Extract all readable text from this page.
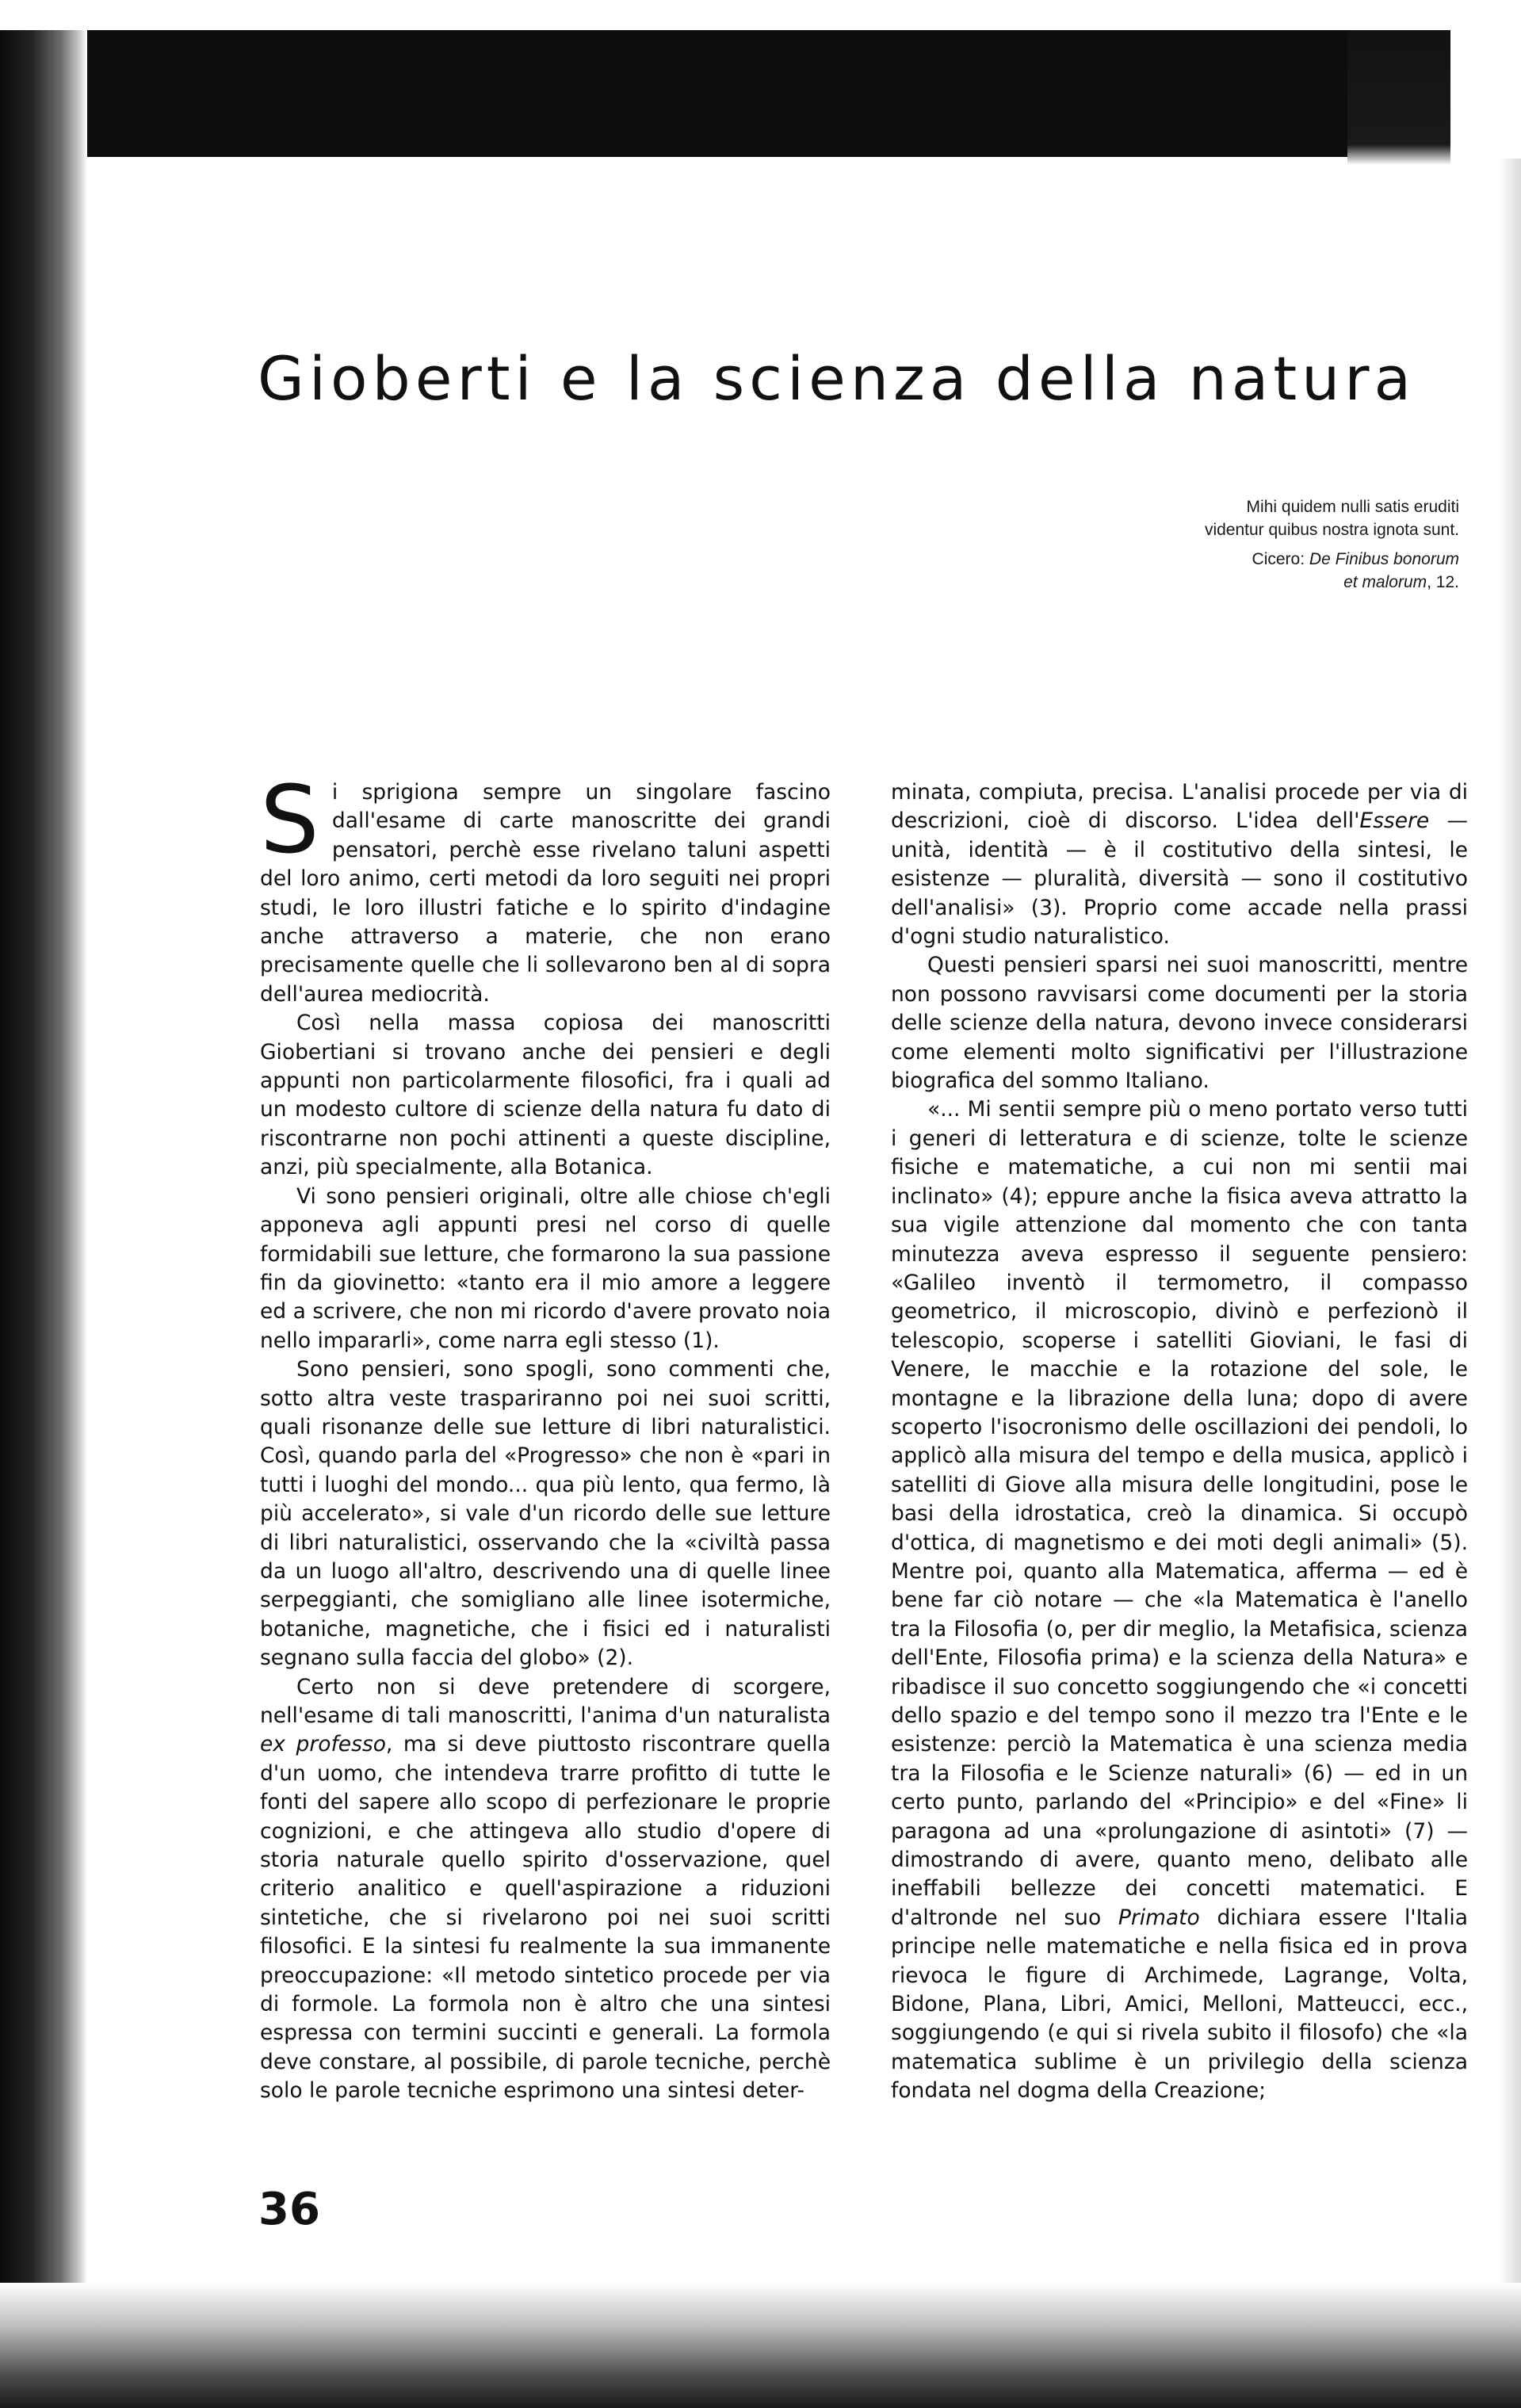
Gioberti e la scienza della natura

Mihi quidem nulli satis eruditi
videntur quibus nostra ignota sunt.

Cicero: De Finibus bonorum
et malorum, 12.

Si sprigiona sempre un singolare fascino dall'esame di carte manoscritte dei grandi pensatori, perchè esse rivelano taluni aspetti del loro animo, certi metodi da loro seguiti nei propri studi, le loro illustri fatiche e lo spirito d'indagine anche attraverso a materie, che non erano precisamente quelle che li sollevarono ben al di sopra dell'aurea mediocrità.

Così nella massa copiosa dei manoscritti Giobertiani si trovano anche dei pensieri e degli appunti non particolarmente filosofici, fra i quali ad un modesto cultore di scienze della natura fu dato di riscontrarne non pochi attinenti a queste discipline, anzi, più specialmente, alla Botanica.

Vi sono pensieri originali, oltre alle chiose ch'egli apponeva agli appunti presi nel corso di quelle formidabili sue letture, che formarono la sua passione fin da giovinetto: «tanto era il mio amore a leggere ed a scrivere, che non mi ricordo d'avere provato noia nello impararli», come narra egli stesso (1).

Sono pensieri, sono spogli, sono commenti che, sotto altra veste traspariranno poi nei suoi scritti, quali risonanze delle sue letture di libri naturalistici. Così, quando parla del «Progresso» che non è «pari in tutti i luoghi del mondo... qua più lento, qua fermo, là più accelerato», si vale d'un ricordo delle sue letture di libri naturalistici, osservando che la «civiltà passa da un luogo all'altro, descrivendo una di quelle linee serpeggianti, che somigliano alle linee isotermiche, botaniche, magnetiche, che i fisici ed i naturalisti segnano sulla faccia del globo» (2).

Certo non si deve pretendere di scorgere, nell'esame di tali manoscritti, l'anima d'un naturalista ex professo, ma si deve piuttosto riscontrare quella d'un uomo, che intendeva trarre profitto di tutte le fonti del sapere allo scopo di perfezionare le proprie cognizioni, e che attingeva allo studio d'opere di storia naturale quello spirito d'osservazione, quel criterio analitico e quell'aspirazione a riduzioni sintetiche, che si rivelarono poi nei suoi scritti filosofici. E la sintesi fu realmente la sua immanente preoccupazione: «Il metodo sintetico procede per via di formole. La formola non è altro che una sintesi espressa con termini succinti e generali. La formola deve constare, al possibile, di parole tecniche, perchè solo le parole tecniche esprimono una sintesi deter-

minata, compiuta, precisa. L'analisi procede per via di descrizioni, cioè di discorso. L'idea dell'Essere — unità, identità — è il costitutivo della sintesi, le esistenze — pluralità, diversità — sono il costitutivo dell'analisi» (3). Proprio come accade nella prassi d'ogni studio naturalistico.

Questi pensieri sparsi nei suoi manoscritti, mentre non possono ravvisarsi come documenti per la storia delle scienze della natura, devono invece considerarsi come elementi molto significativi per l'illustrazione biografica del sommo Italiano.

«... Mi sentii sempre più o meno portato verso tutti i generi di letteratura e di scienze, tolte le scienze fisiche e matematiche, a cui non mi sentii mai inclinato» (4); eppure anche la fisica aveva attratto la sua vigile attenzione dal momento che con tanta minutezza aveva espresso il seguente pensiero: «Galileo inventò il termometro, il compasso geometrico, il microscopio, divinò e perfezionò il telescopio, scoperse i satelliti Gioviani, le fasi di Venere, le macchie e la rotazione del sole, le montagne e la librazione della luna; dopo di avere scoperto l'isocronismo delle oscillazioni dei pendoli, lo applicò alla misura del tempo e della musica, applicò i satelliti di Giove alla misura delle longitudini, pose le basi della idrostatica, creò la dinamica. Si occupò d'ottica, di magnetismo e dei moti degli animali» (5). Mentre poi, quanto alla Matematica, afferma — ed è bene far ciò notare — che «la Matematica è l'anello tra la Filosofia (o, per dir meglio, la Metafisica, scienza dell'Ente, Filosofia prima) e la scienza della Natura» e ribadisce il suo concetto soggiungendo che «i concetti dello spazio e del tempo sono il mezzo tra l'Ente e le esistenze: perciò la Matematica è una scienza media tra la Filosofia e le Scienze naturali» (6) — ed in un certo punto, parlando del «Principio» e del «Fine» li paragona ad una «prolungazione di asintoti» (7) — dimostrando di avere, quanto meno, delibato alle ineffabili bellezze dei concetti matematici. E d'altronde nel suo Primato dichiara essere l'Italia principe nelle matematiche e nella fisica ed in prova rievoca le figure di Archimede, Lagrange, Volta, Bidone, Plana, Libri, Amici, Melloni, Matteucci, ecc., soggiungendo (e qui si rivela subito il filosofo) che «la matematica sublime è un privilegio della scienza fondata nel dogma della Creazione;

36
